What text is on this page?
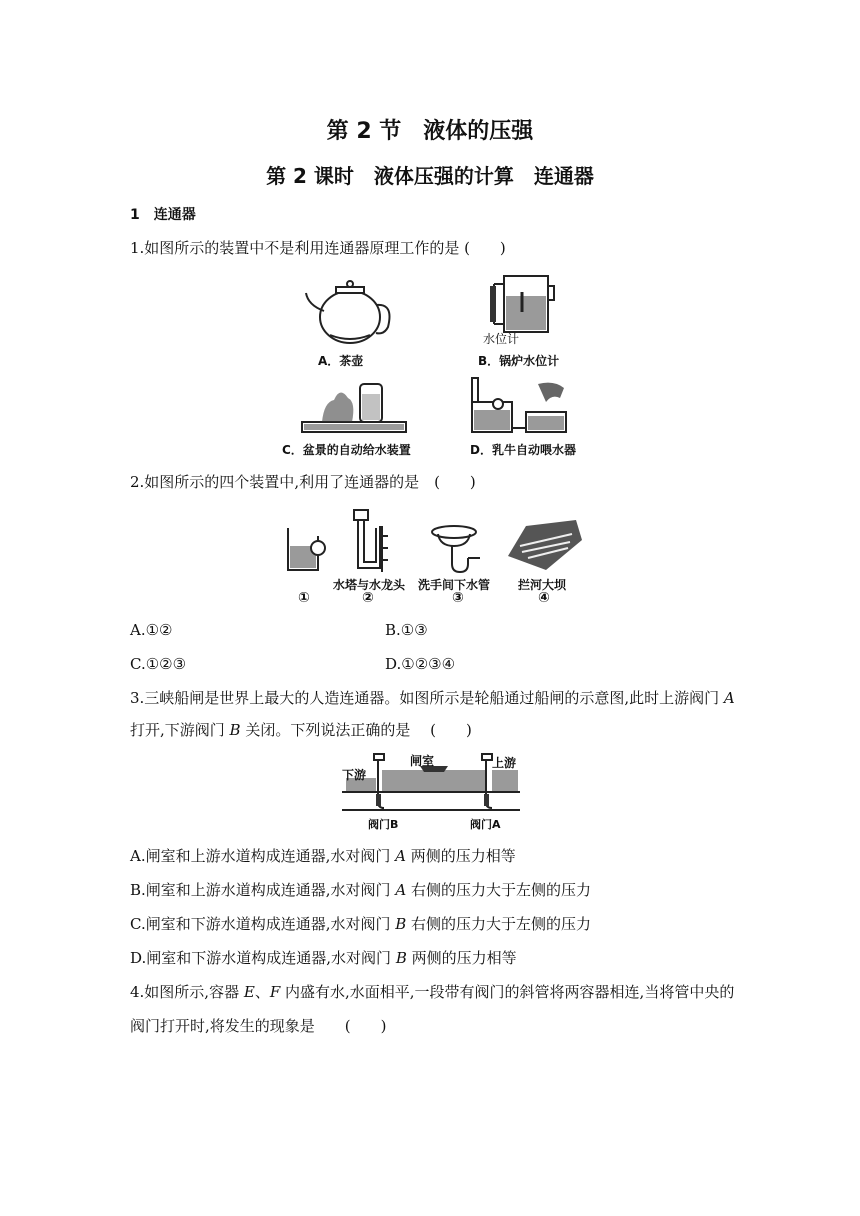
第 2 节　液体的压强
第 2 课时　液体压强的计算　连通器
1　连通器
1.如图所示的装置中不是利用连通器原理工作的是 (　　)
A．茶壶
水位计
B．锅炉水位计
C．盆景的自动给水装置	D．乳牛自动喂水器
2.如图所示的四个装置中,利用了连通器的是　(　　)
①
水塔与水龙头
②
洗手间下水管
③
拦河大坝
④
A.①②	B.①③
C.①②③	D.①②③④
3.三峡船闸是世界上最大的人造连通器。如图所示是轮船通过船闸的示意图,此时上游阀门 A
打开,下游阀门 B 关闭。下列说法正确的是　 (　　)
闸室	上游
下游
阀门B	阀门A
A.闸室和上游水道构成连通器,水对阀门 A 两侧的压力相等
B.闸室和上游水道构成连通器,水对阀门 A 右侧的压力大于左侧的压力
C.闸室和下游水道构成连通器,水对阀门 B 右侧的压力大于左侧的压力
D.闸室和下游水道构成连通器,水对阀门 B 两侧的压力相等
4.如图所示,容器 E、F 内盛有水,水面相平,一段带有阀门的斜管将两容器相连,当将管中央的
阀门打开时,将发生的现象是　　(　　)
